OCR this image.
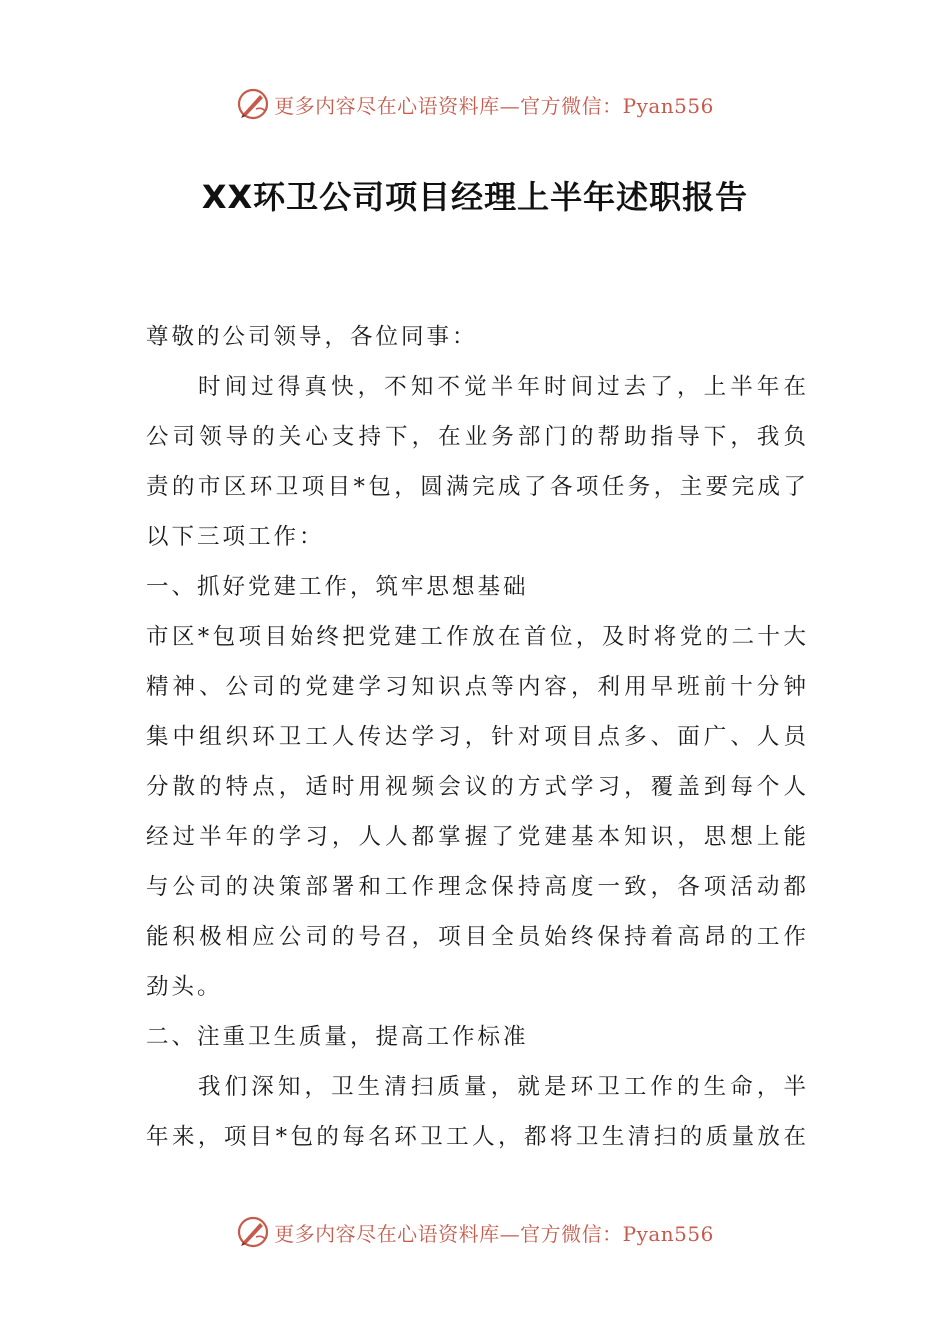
更多内容尽在心语资料库—官方微信：Pyan556
XX环卫公司项目经理上半年述职报告
尊敬的公司领导，各位同事：
时间过得真快，不知不觉半年时间过去了，上半年在
公司领导的关心支持下，在业务部门的帮助指导下，我负
责的市区环卫项目*包，圆满完成了各项任务，主要完成了
以下三项工作：
一、抓好党建工作，筑牢思想基础
市区*包项目始终把党建工作放在首位，及时将党的二十大
精神、公司的党建学习知识点等内容，利用早班前十分钟
集中组织环卫工人传达学习，针对项目点多、面广、人员
分散的特点，适时用视频会议的方式学习，覆盖到每个人
经过半年的学习，人人都掌握了党建基本知识，思想上能
与公司的决策部署和工作理念保持高度一致，各项活动都
能积极相应公司的号召，项目全员始终保持着高昂的工作
劲头。
二、注重卫生质量，提高工作标准
我们深知，卫生清扫质量，就是环卫工作的生命，半
年来，项目*包的每名环卫工人，都将卫生清扫的质量放在
更多内容尽在心语资料库—官方微信：Pyan556
